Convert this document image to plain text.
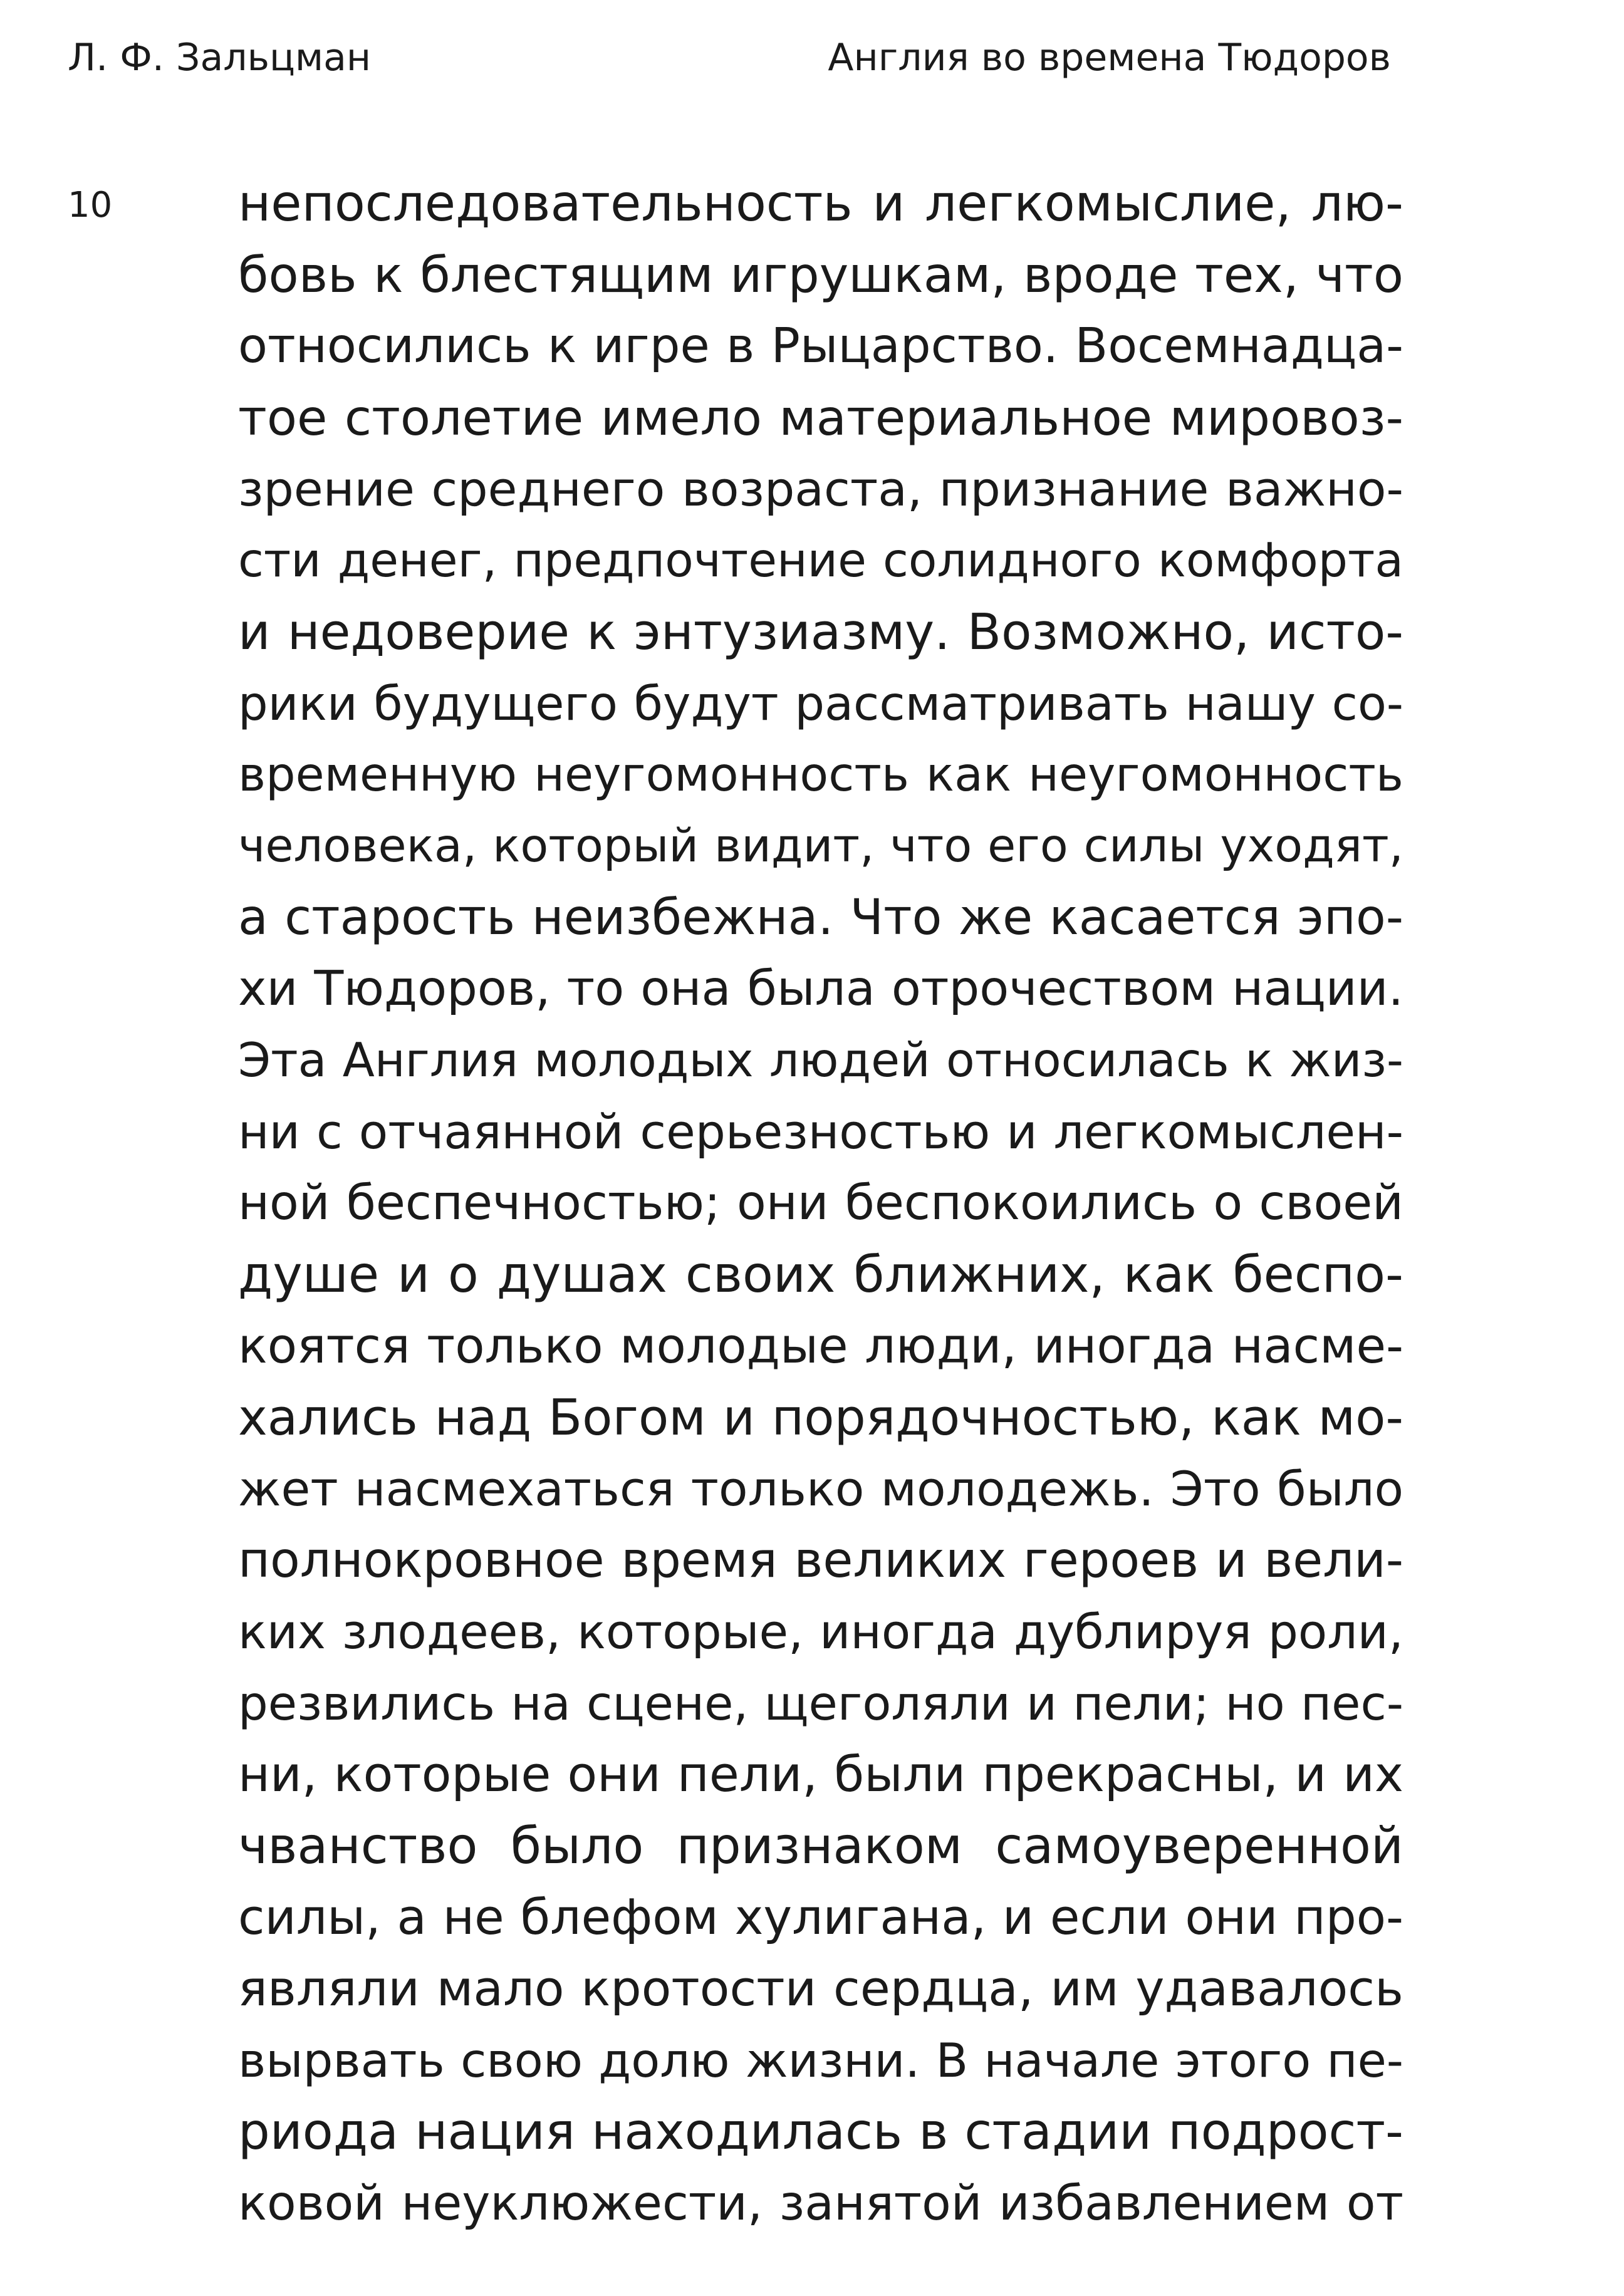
Л. Ф. Зальцман	Англия во времена Тюдоров
10	непоследовательность и легкомыслие, лю-
бовь к блестящим игрушкам, вроде тех, что
относились к игре в Рыцарство. Восемнадца-
тое столетие имело материальное мировоз-
зрение среднего возраста, признание важно-
сти денег, предпочтение солидного комфорта
и недоверие к энтузиазму. Возможно, исто-
рики будущего будут рассматривать нашу со-
временную неугомонность как неугомонность
человека, который видит, что его силы уходят,
а старость неизбежна. Что же касается эпо-
хи Тюдоров, то она была отрочеством нации.
Эта Англия молодых людей относилась к жиз-
ни с отчаянной серьезностью и легкомыслен-
ной беспечностью; они беспокоились о своей
душе и о душах своих ближних, как беспо-
коятся только молодые люди, иногда насме-
хались над Богом и порядочностью, как мо-
жет насмехаться только молодежь. Это было
полнокровное время великих героев и вели-
ких злодеев, которые, иногда дублируя роли,
резвились на сцене, щеголяли и пели; но пес-
ни, которые они пели, были прекрасны, и их
чванство было признаком самоуверенной
силы, а не блефом хулигана, и если они про-
являли мало кротости сердца, им удавалось
вырвать свою долю жизни. В начале этого пе-
риода нация находилась в стадии подрост-
ковой неуклюжести, занятой избавлением от
